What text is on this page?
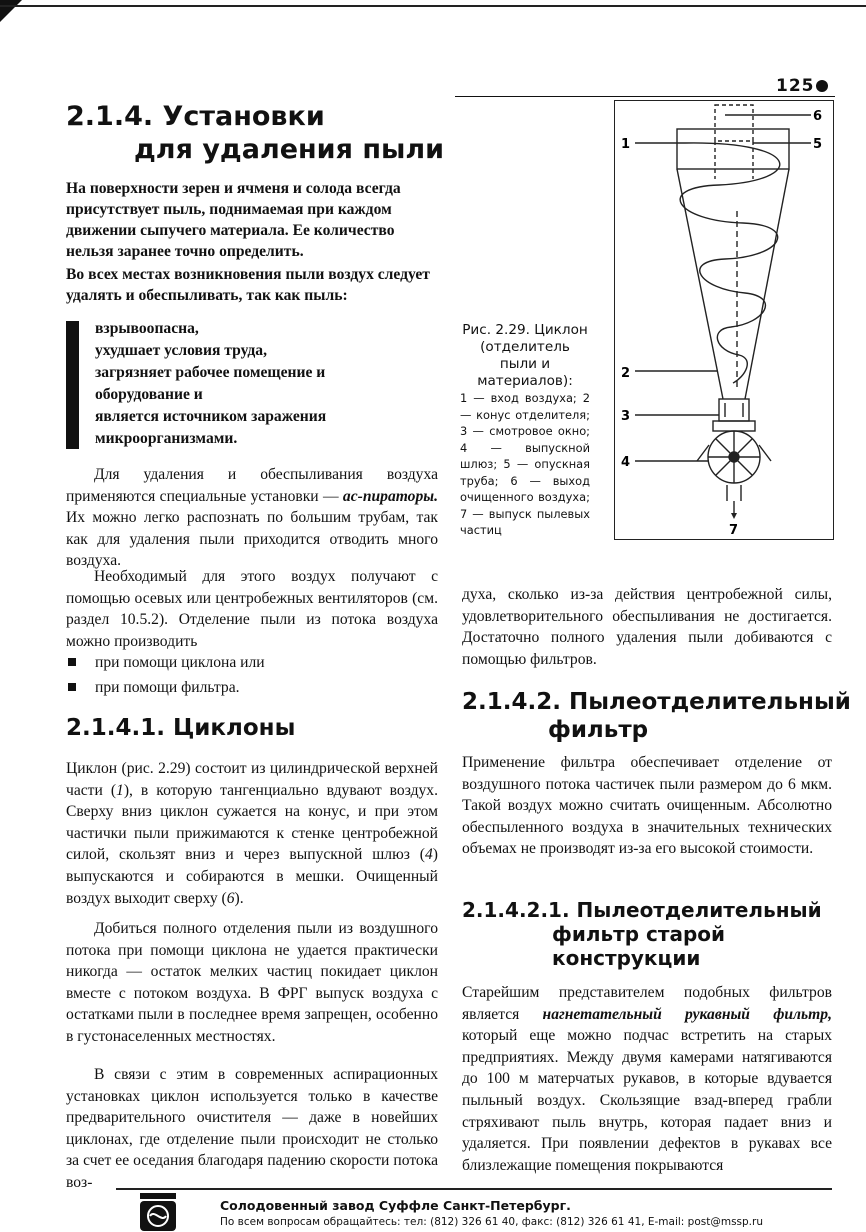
125
2.1.4. Установки
для удаления пыли

На поверхности зерен и ячменя и солода всегда присутствует пыль, поднимаемая при каждом движении сыпучего материала. Ее количество нельзя заранее точно определить.

Во всех местах возникновения пыли воздух следует удалять и обеспыливать, так как пыль:

взрывоопасна,
ухудшает условия труда,
загрязняет рабочее помещение и оборудование и
является источником заражения микроорганизмами.

Для удаления и обеспыливания воздуха применяются специальные установки — ас-пираторы. Их можно легко распознать по большим трубам, так как для удаления пыли приходится отводить много воздуха.

Необходимый для этого воздух получают с помощью осевых или центробежных вентиляторов (см. раздел 10.5.2). Отделение пыли из потока воздуха можно производить

при помощи циклона или
при помощи фильтра.
2.1.4.1. Циклоны

Циклон (рис. 2.29) состоит из цилиндрической верхней части (1), в которую тангенциально вдувают воздух. Сверху вниз циклон сужается на конус, и при этом частички пыли прижимаются к стенке центробежной силой, скользят вниз и через выпускной шлюз (4) выпускаются и собираются в мешки. Очищенный воздух выходит сверху (6).

Добиться полного отделения пыли из воздушного потока при помощи циклона не удается практически никогда — остаток мелких частиц покидает циклон вместе с потоком воздуха. В ФРГ выпуск воздуха с остатками пыли в последнее время запрещен, особенно в густонаселенных местностях.

В связи с этим в современных аспирационных установках циклон используется только в качестве предварительного очистителя — даже в новейших циклонах, где отделение пыли происходит не столько за счет ее оседания благодаря падению скорости потока воз-

Рис. 2.29. Циклон (отделитель пыли и материалов):
1 — вход воздуха; 2 — конус отделителя; 3 — смотровое окно; 4 — выпускной шлюз; 5 — опускная труба; 6 — выход очищенного воздуха; 7 — выпуск пылевых частиц
1
2
3
4
5
6
7

духа, сколько из-за действия центробежной силы, удовлетворительного обеспыливания не достигается. Достаточно полного удаления пыли добиваются с помощью фильтров.

2.1.4.2. Пылеотделительный
фильтр

Применение фильтра обеспечивает отделение от воздушного потока частичек пыли размером до 6 мкм. Такой воздух можно считать очищенным. Абсолютно обеспыленного воздуха в значительных технических объемах не производят из-за его высокой стоимости.

2.1.4.2.1. Пылеотделительный
фильтр старой
конструкции

Старейшим представителем подобных фильтров является нагнетательный рукавный фильтр, который еще можно подчас встретить на старых предприятиях. Между двумя камерами натягиваются до 100 м матерчатых рукавов, в которые вдувается пыльный воздух. Скользящие взад-вперед грабли стряхивают пыль внутрь, которая падает вниз и удаляется. При появлении дефектов в рукавах все близлежащие помещения покрываются

Солодовенный завод Суффле Санкт-Петербург.
По всем вопросам обращайтесь: тел: (812) 326 61 40, факс: (812) 326 61 41, E-mail: post@mssp.ru
